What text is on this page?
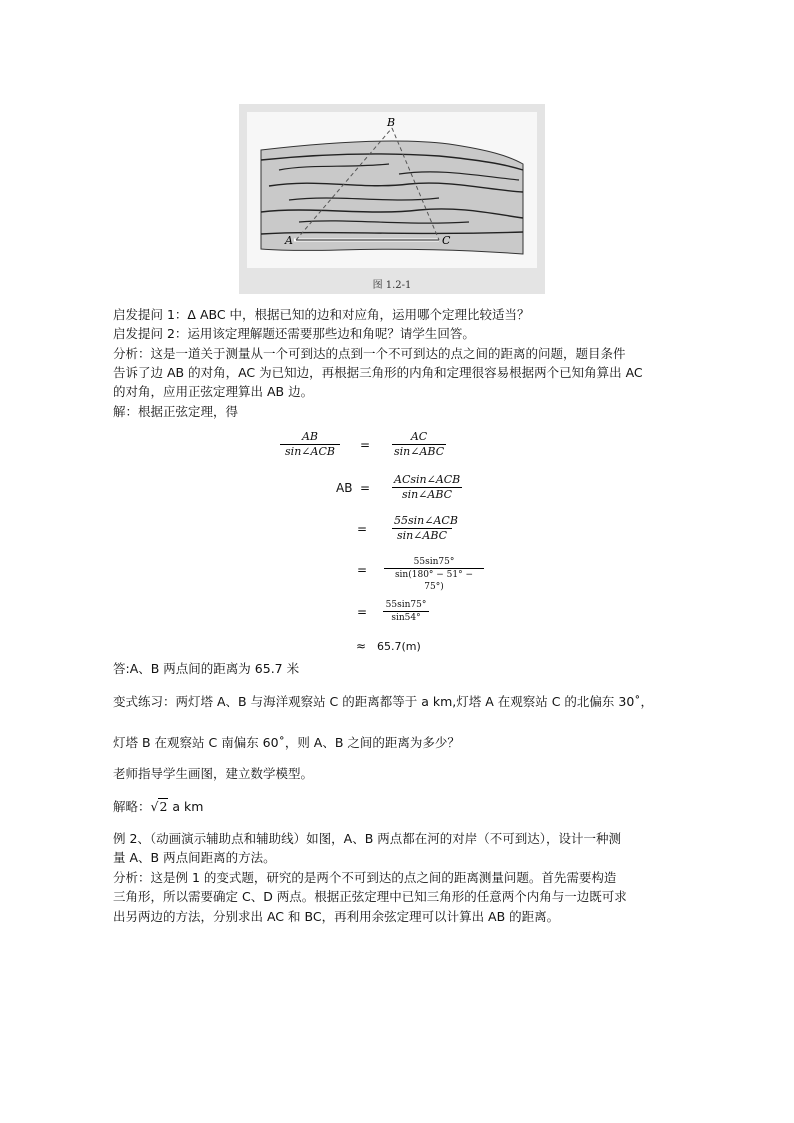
B
A	C
图 1.2-1
启发提问 1：Δ ABC 中，根据已知的边和对应角，运用哪个定理比较适当？
启发提问 2：运用该定理解题还需要那些边和角呢？请学生回答。
分析：这是一道关于测量从一个可到达的点到一个不可到达的点之间的距离的问题，题目条件
告诉了边 AB 的对角，AC 为已知边，再根据三角形的内角和定理很容易根据两个已知角算出 AC
的对角，应用正弦定理算出 AB 边。
解：根据正弦定理，得
AB
sin∠ACB	=
AC
sin∠ABC
AB =
ACsin∠ACB
sin∠ABC
=
55sin∠ACB
sin∠ABC
=
55sin75°
sin(180° − 51° − 75°)
= 55sin75°
sin54°
≈ 65.7(m)
答:A、B 两点间的距离为 65.7 米
变式练习：两灯塔 A、B 与海洋观察站 C 的距离都等于 a km,灯塔 A 在观察站 C 的北偏东 30˚，
灯塔 B 在观察站 C 南偏东 60˚，则 A、B 之间的距离为多少？
老师指导学生画图，建立数学模型。
解略：√2 a km
例 2、（动画演示辅助点和辅助线）如图，A、B 两点都在河的对岸（不可到达），设计一种测
量 A、B 两点间距离的方法。
分析：这是例 1 的变式题，研究的是两个不可到达的点之间的距离测量问题。首先需要构造
三角形，所以需要确定 C、D 两点。根据正弦定理中已知三角形的任意两个内角与一边既可求
出另两边的方法，分别求出 AC 和 BC，再利用余弦定理可以计算出 AB 的距离。
